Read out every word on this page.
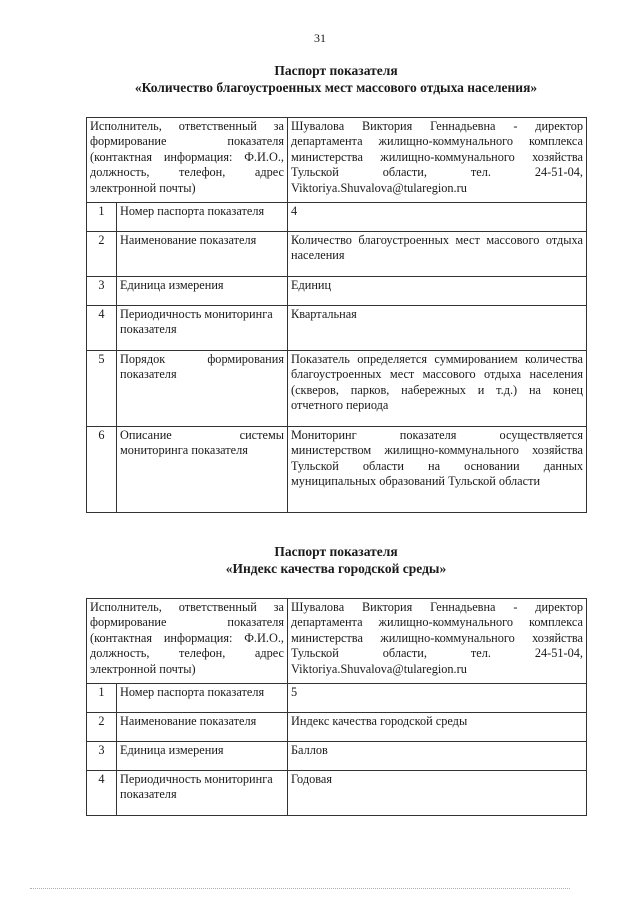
31
Паспорт показателя
«Количество благоустроенных мест массового отдыха населения»
Исполнитель, ответственный за формирование показателя (контактная информация: Ф.И.О., должность, телефон, адрес электронной почты)		Шувалова Виктория Геннадьевна - директор департамента жилищно-коммунального комплекса министерства жилищно-коммунального хозяйства Тульской области, тел. 24-51-04, Viktoriya.Shuvalova@tularegion.ru
1	Номер паспорта показателя	4
2	Наименование показателя	Количество благоустроенных мест массового отдыха населения
3	Единица измерения	Единиц
4	Периодичность мониторинга показателя	Квартальная
5	Порядок формирования показателя	Показатель определяется суммированием количества благоустроенных мест массового отдыха населения (скверов, парков, набережных и т.д.) на конец отчетного периода
6	Описание системы мониторинга показателя	Мониторинг показателя осуществляется министерством жилищно-коммунального хозяйства Тульской области на основании данных муниципальных образований Тульской области
Паспорт показателя
«Индекс качества городской среды»
Исполнитель, ответственный за формирование показателя (контактная информация: Ф.И.О., должность, телефон, адрес электронной почты)		Шувалова Виктория Геннадьевна - директор департамента жилищно-коммунального комплекса министерства жилищно-коммунального хозяйства Тульской области, тел. 24-51-04, Viktoriya.Shuvalova@tularegion.ru
1	Номер паспорта показателя	5
2	Наименование показателя	Индекс качества городской среды
3	Единица измерения	Баллов
4	Периодичность мониторинга показателя	Годовая
